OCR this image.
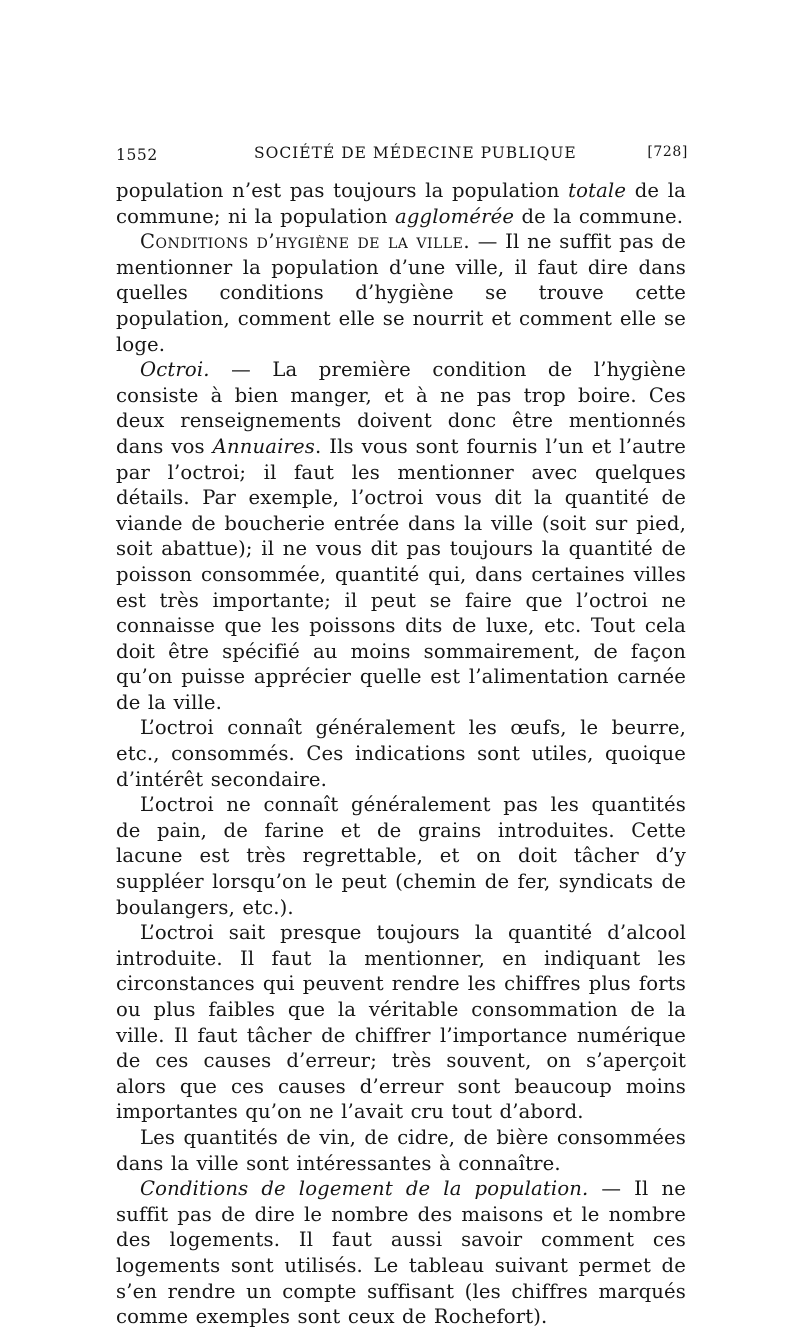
1552	SOCIÉTÉ DE MÉDECINE PUBLIQUE	[728]

population n’est pas toujours la population totale de la commune; ni la population agglomérée de la commune.

Conditions d’hygiène de la ville. — Il ne suffit pas de mentionner la population d’une ville, il faut dire dans quelles conditions d’hygiène se trouve cette population, comment elle se nourrit et comment elle se loge.

Octroi. — La première condition de l’hygiène consiste à bien manger, et à ne pas trop boire. Ces deux renseignements doivent donc être mentionnés dans vos Annuaires. Ils vous sont fournis l’un et l’autre par l’octroi; il faut les mentionner avec quelques détails. Par exemple, l’octroi vous dit la quantité de viande de boucherie entrée dans la ville (soit sur pied, soit abattue); il ne vous dit pas toujours la quantité de poisson consommée, quantité qui, dans certaines villes est très importante; il peut se faire que l’octroi ne connaisse que les poissons dits de luxe, etc. Tout cela doit être spécifié au moins sommairement, de façon qu’on puisse apprécier quelle est l’alimentation carnée de la ville.

L’octroi connaît généralement les œufs, le beurre, etc., consommés. Ces indications sont utiles, quoique d’intérêt secondaire.

L’octroi ne connaît généralement pas les quantités de pain, de farine et de grains introduites. Cette lacune est très regrettable, et on doit tâcher d’y suppléer lorsqu’on le peut (chemin de fer, syndicats de boulangers, etc.).

L’octroi sait presque toujours la quantité d’alcool introduite. Il faut la mentionner, en indiquant les circonstances qui peuvent rendre les chiffres plus forts ou plus faibles que la véritable consommation de la ville. Il faut tâcher de chiffrer l’importance numérique de ces causes d’erreur; très souvent, on s’aperçoit alors que ces causes d’erreur sont beaucoup moins importantes qu’on ne l’avait cru tout d’abord.

Les quantités de vin, de cidre, de bière consommées dans la ville sont intéressantes à connaître.

Conditions de logement de la population. — Il ne suffit pas de dire le nombre des maisons et le nombre des logements. Il faut aussi savoir comment ces logements sont utilisés. Le tableau suivant permet de s’en rendre un compte suffisant (les chiffres marqués comme exemples sont ceux de Rochefort).
